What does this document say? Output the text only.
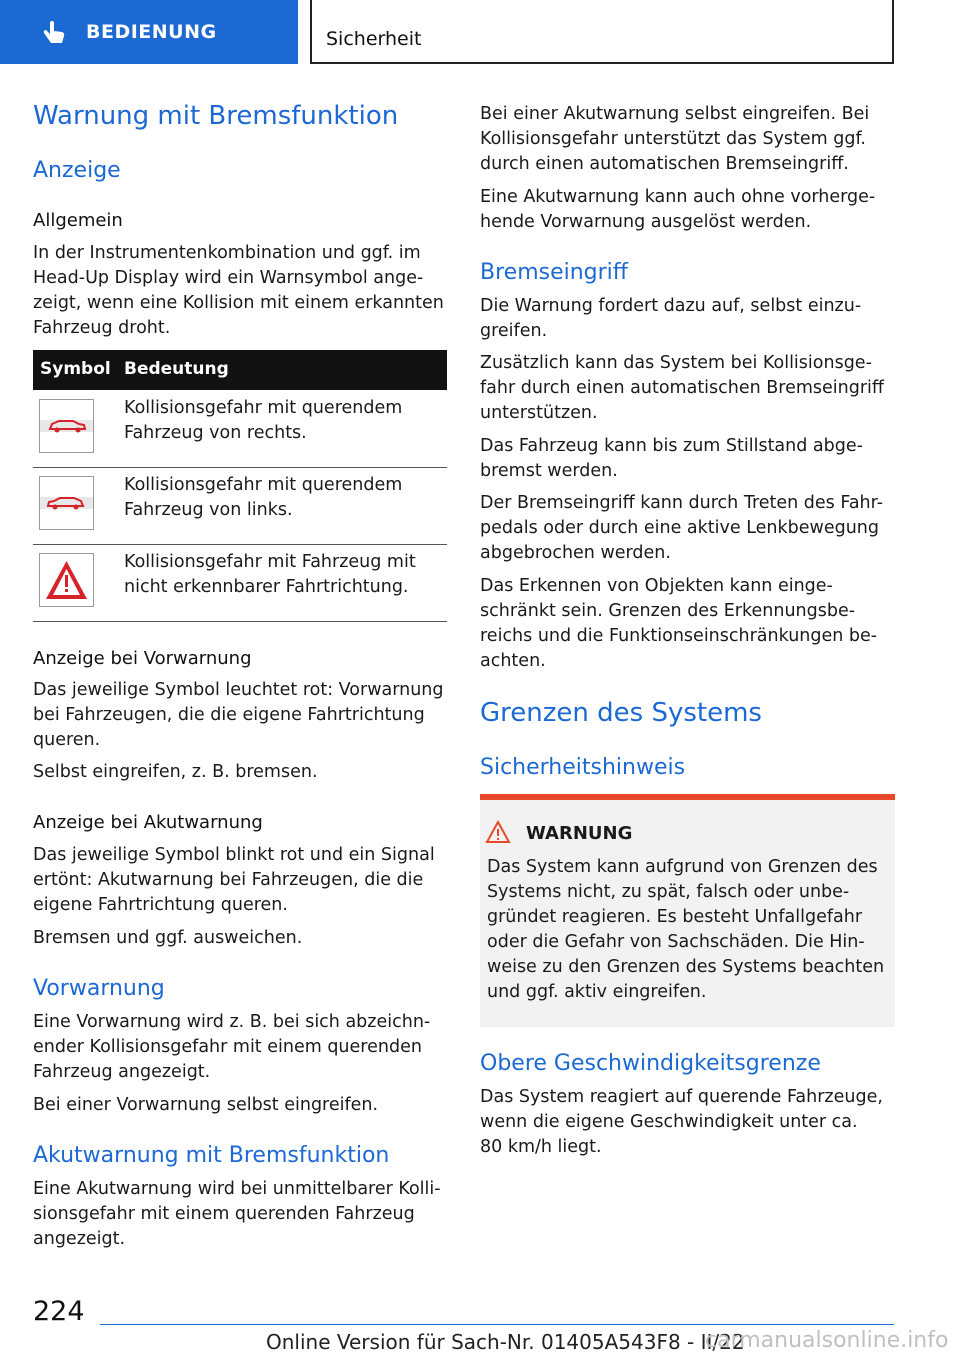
BEDIENUNG	Sicherheit
Warnung mit Bremsfunktion
Anzeige
Allgemein
In der Instrumentenkombination und ggf. im
Head-Up Display wird ein Warnsymbol ange-
zeigt, wenn eine Kollision mit einem erkannten
Fahrzeug droht.
Symbol Bedeutung
Kollisionsgefahr mit querendem
Fahrzeug von rechts.
Kollisionsgefahr mit querendem
Fahrzeug von links.
Kollisionsgefahr mit Fahrzeug mit
nicht erkennbarer Fahrtrichtung.
Anzeige bei Vorwarnung
Das jeweilige Symbol leuchtet rot: Vorwarnung
bei Fahrzeugen, die die eigene Fahrtrichtung
queren.
Selbst eingreifen, z. B. bremsen.
Anzeige bei Akutwarnung
Das jeweilige Symbol blinkt rot und ein Signal
ertönt: Akutwarnung bei Fahrzeugen, die die
eigene Fahrtrichtung queren.
Bremsen und ggf. ausweichen.
Vorwarnung
Eine Vorwarnung wird z. B. bei sich abzeichn-
ender Kollisionsgefahr mit einem querenden
Fahrzeug angezeigt.
Bei einer Vorwarnung selbst eingreifen.
Akutwarnung mit Bremsfunktion
Eine Akutwarnung wird bei unmittelbarer Kolli-
sionsgefahr mit einem querenden Fahrzeug
angezeigt.
Bei einer Akutwarnung selbst eingreifen. Bei
Kollisionsgefahr unterstützt das System ggf.
durch einen automatischen Bremseingriff.
Eine Akutwarnung kann auch ohne vorherge-
hende Vorwarnung ausgelöst werden.
Bremseingriff
Die Warnung fordert dazu auf, selbst einzu-
greifen.
Zusätzlich kann das System bei Kollisionsge-
fahr durch einen automatischen Bremseingriff
unterstützen.
Das Fahrzeug kann bis zum Stillstand abge-
bremst werden.
Der Bremseingriff kann durch Treten des Fahr-
pedals oder durch eine aktive Lenkbewegung
abgebrochen werden.
Das Erkennen von Objekten kann einge-
schränkt sein. Grenzen des Erkennungsbe-
reichs und die Funktionseinschränkungen be-
achten.
Grenzen des Systems
Sicherheitshinweis
WARNUNG
Das System kann aufgrund von Grenzen des
Systems nicht, zu spät, falsch oder unbe-
gründet reagieren. Es besteht Unfallgefahr
oder die Gefahr von Sachschäden. Die Hin-
weise zu den Grenzen des Systems beachten
und ggf. aktiv eingreifen.
Obere Geschwindigkeitsgrenze
Das System reagiert auf querende Fahrzeuge,
wenn die eigene Geschwindigkeit unter ca.
80 km/h liegt.
224
Online Version für Sach-Nr. 01405A543F8 - II/22
carmanualsonline.info
